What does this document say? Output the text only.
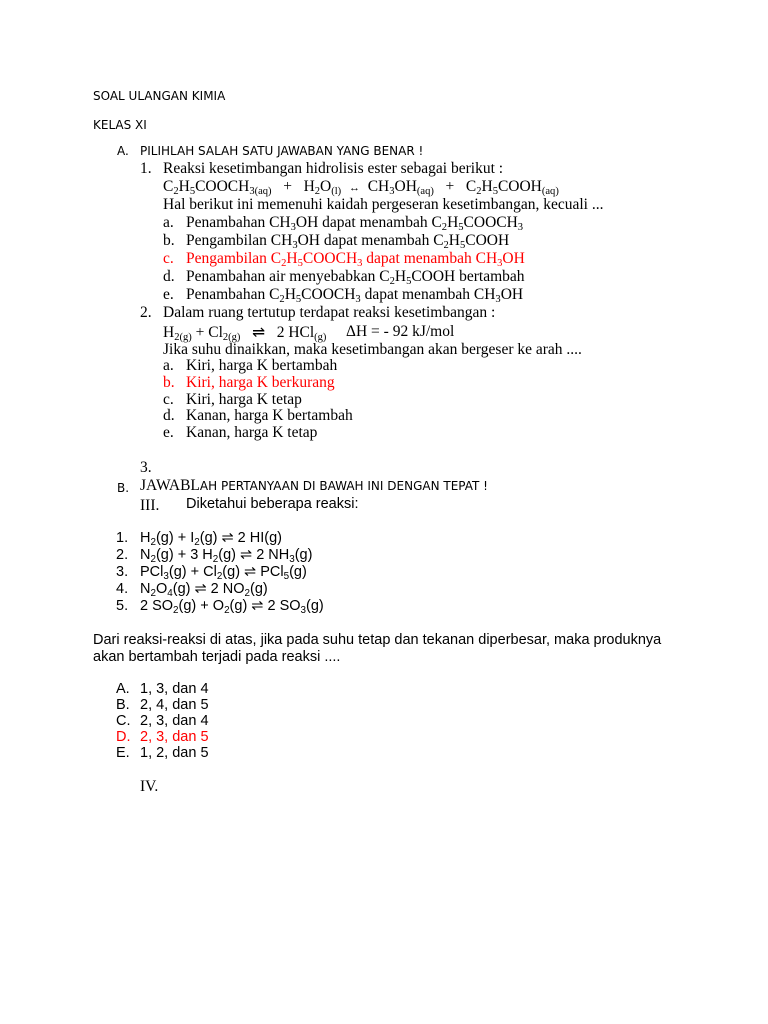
SOAL ULANGAN KIMIA
KELAS XI
A. PILIHLAH SALAH SATU JAWABAN YANG BENAR !
1. Reaksi kesetimbangan hidrolisis ester sebagai berikut :
$C_2H_5COOCH_{3(aq)} + H_2O_{(l)}$ ↔ $CH_3OH_{(aq)}$   +   $C_2H_5COOH_{(aq)}$
Hal berikut ini memenuhi kaidah pergeseran kesetimbangan, kecuali ...
a. Penambahan $CH_3OH$ dapat menambah $C_2H_5COOCH_3$
b. Pengambilan $CH_3OH$ dapat menambah $C_2H_5COOH$
c. Pengambilan $C_2H_5COOCH_3$ dapat menambah $CH_3OH$
d. Penambahan air menyebabkan $C_2H_5COOH$ bertambah
e. Penambahan $C_2H_5COOCH_3$ dapat menambah $CH_3OH$
2. Dalam ruang tertutup terdapat reaksi kesetimbangan :
$H_{2(g)} + Cl_{2(g)}$ ⇌   2 HCl$_{(g)}$ ΔH = - 92 kJ/mol
Jika suhu dinaikkan, maka kesetimbangan akan bergeser ke arah ....
a. Kiri, harga K bertambah
b. Kiri, harga K berkurang
c. Kiri, harga K tetap
d. Kanan, harga K bertambah
e. Kanan, harga K tetap
3.
B. JAWABLAH PERTANYAAN DI BAWAH INI DENGAN TEPAT !
III. Diketahui beberapa reaksi:
1. $H_2(g) + I_2(g)$ ⇌ 2 HI(g)
2. $N_2(g) + 3$ $H_2(g)$ ⇌ 2 $NH_3(g)$
3. $PCl_3(g) + Cl_2(g)$ ⇌ PCl$_5$(g)
4. $N_2O_4(g)$ ⇌ 2 $NO_2(g)$
5. 2 $SO_2(g) + O_2(g)$ ⇌ 2 $SO_3(g)$
Dari reaksi-reaksi di atas, jika pada suhu tetap dan tekanan diperbesar, maka produknya
akan bertambah terjadi pada reaksi ....
A. 1, 3, dan 4
B. 2, 4, dan 5
C. 2, 3, dan 4
D. 2, 3, dan 5
E. 1, 2, dan 5
IV.
